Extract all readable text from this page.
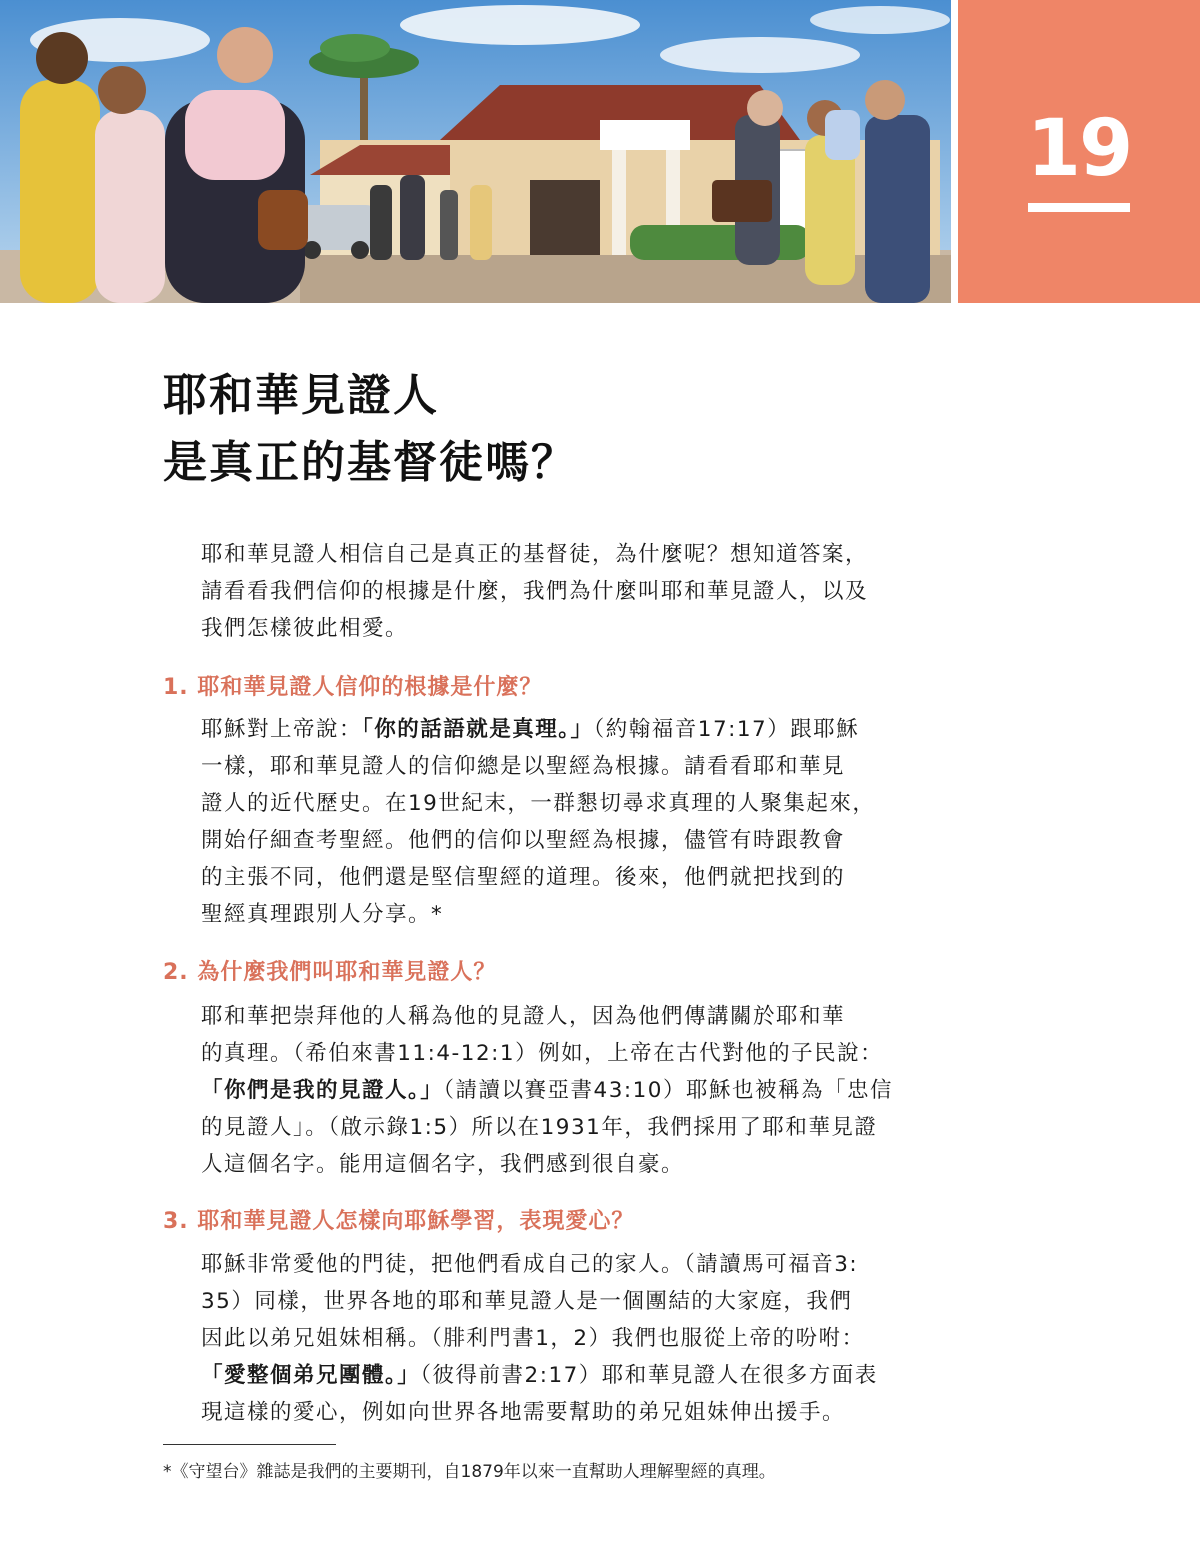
19
耶和華見證人
是真正的基督徒嗎？
耶和華見證人相信自己是真正的基督徒，為什麼呢？想知道答案，
請看看我們信仰的根據是什麼，我們為什麼叫耶和華見證人，以及
我們怎樣彼此相愛。
1. 耶和華見證人信仰的根據是什麼？
耶穌對上帝說：「你的話語就是真理。」（約翰福音17:17）跟耶穌
一樣，耶和華見證人的信仰總是以聖經為根據。請看看耶和華見
證人的近代歷史。在19世紀末，一群懇切尋求真理的人聚集起來，
開始仔細查考聖經。他們的信仰以聖經為根據，儘管有時跟教會
的主張不同，他們還是堅信聖經的道理。後來，他們就把找到的
聖經真理跟別人分享。*
2. 為什麼我們叫耶和華見證人？
耶和華把崇拜他的人稱為他的見證人，因為他們傳講關於耶和華
的真理。（希伯來書11:4-12:1）例如，上帝在古代對他的子民說：
「你們是我的見證人。」（請讀以賽亞書43:10）耶穌也被稱為「忠信
的見證人」。（啟示錄1:5）所以在1931年，我們採用了耶和華見證
人這個名字。能用這個名字，我們感到很自豪。
3. 耶和華見證人怎樣向耶穌學習，表現愛心？
耶穌非常愛他的門徒，把他們看成自己的家人。（請讀馬可福音3:
35）同樣，世界各地的耶和華見證人是一個團結的大家庭，我們
因此以弟兄姐妹相稱。（腓利門書1，2）我們也服從上帝的吩咐：
「愛整個弟兄團體。」（彼得前書2:17）耶和華見證人在很多方面表
現這樣的愛心，例如向世界各地需要幫助的弟兄姐妹伸出援手。
*《守望台》雜誌是我們的主要期刊，自1879年以來一直幫助人理解聖經的真理。
